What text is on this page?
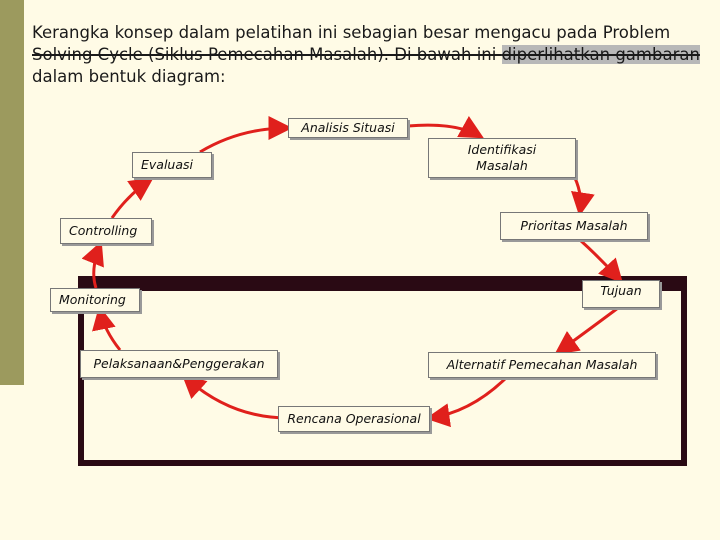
Kerangka konsep dalam pelatihan ini sebagian besar mengacu pada Problem
Solving Cycle (Siklus Pemecahan Masalah). Di bawah ini diperlihatkan gambaran
dalam bentuk diagram:
Analisis Situasi
Identifikasi
Masalah
Prioritas Masalah
Tujuan
Alternatif Pemecahan Masalah
Rencana Operasional
Pelaksanaan&Penggerakan
Monitoring
Controlling
Evaluasi
